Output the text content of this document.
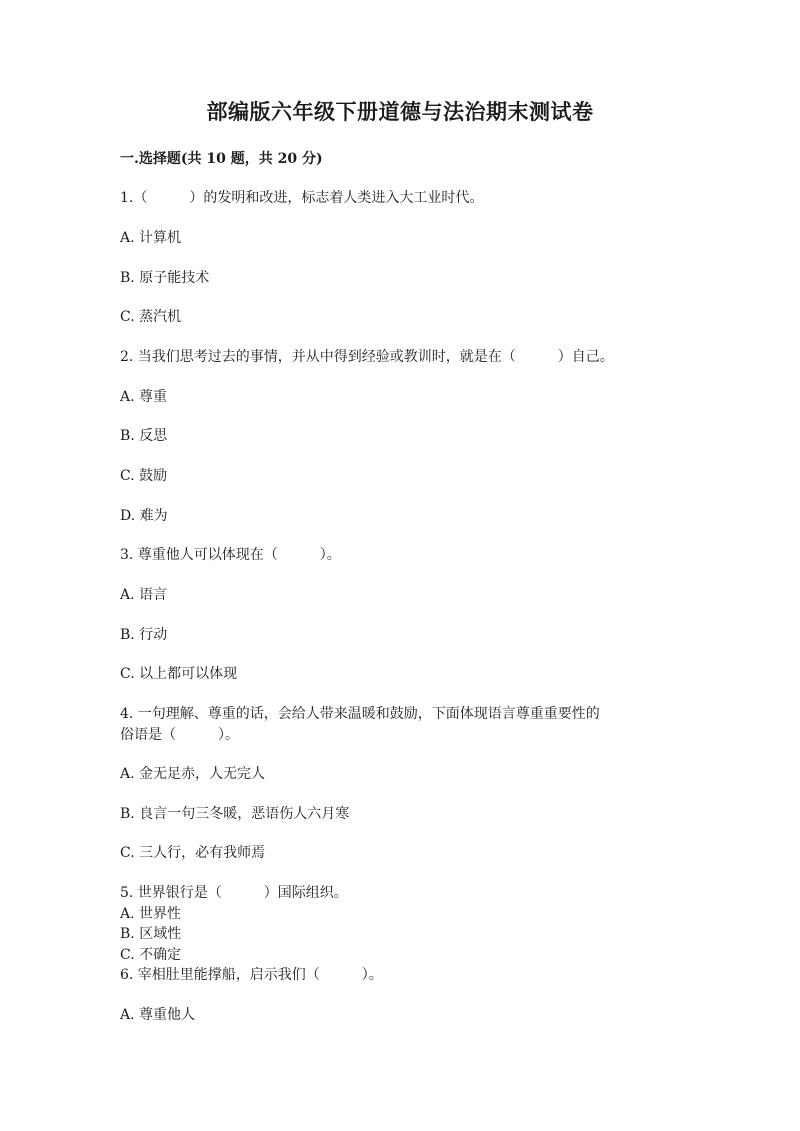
部编版六年级下册道德与法治期末测试卷
一.选择题(共 10 题，共 20 分)
1.（　　　）的发明和改进，标志着人类进入大工业时代。
A. 计算机
B. 原子能技术
C. 蒸汽机
2. 当我们思考过去的事情，并从中得到经验或教训时，就是在（　　　）自己。
A. 尊重
B. 反思
C. 鼓励
D. 难为
3. 尊重他人可以体现在（　　　）。
A. 语言
B. 行动
C. 以上都可以体现
4. 一句理解、尊重的话，会给人带来温暖和鼓励，下面体现语言尊重重要性的
俗语是（　　　）。
A. 金无足赤，人无完人
B. 良言一句三冬暖，恶语伤人六月寒
C. 三人行，必有我师焉
5. 世界银行是（　　　）国际组织。
A. 世界性
B. 区域性
C. 不确定
6. 宰相肚里能撑船，启示我们（　　　）。
A. 尊重他人
